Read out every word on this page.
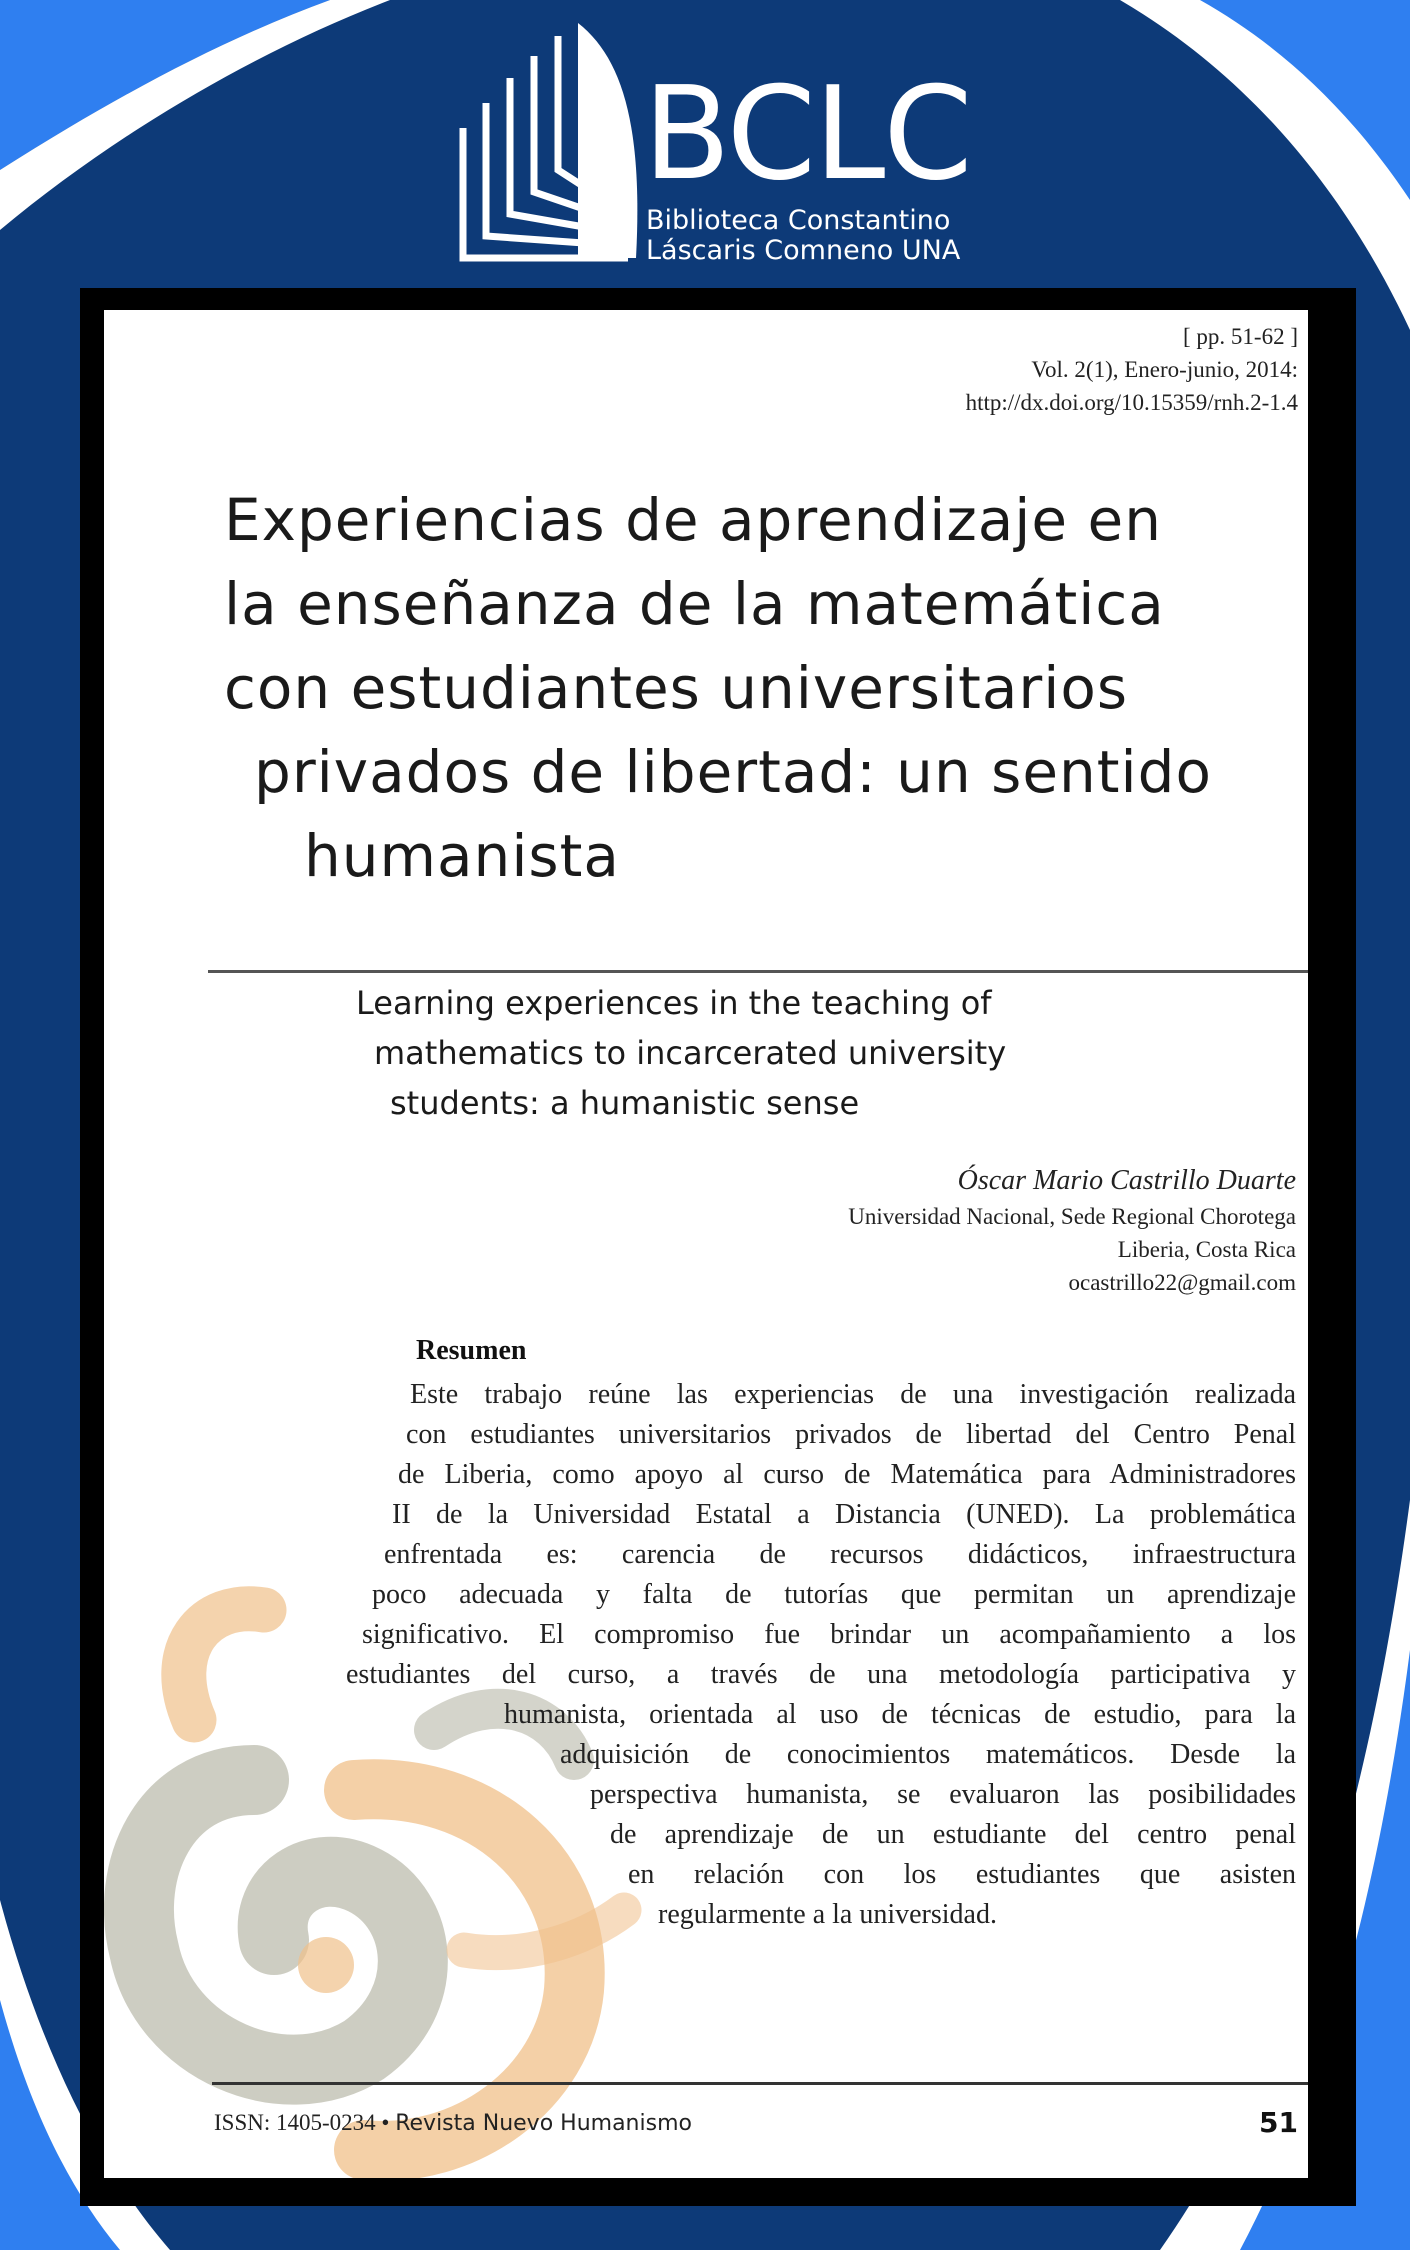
BCLC
Biblioteca Constantino
Láscaris Comneno UNA
[ pp. 51-62 ]
Vol. 2(1), Enero-junio, 2014:
http://dx.doi.org/10.15359/rnh.2-1.4
Experiencias de aprendizaje en
la enseñanza de la matemática
con estudiantes universitarios
privados de libertad: un sentido
humanista
Learning experiences in the teaching of
mathematics to incarcerated university
students: a humanistic sense
Óscar Mario Castrillo Duarte
Universidad Nacional, Sede Regional Chorotega
Liberia, Costa Rica
ocastrillo22@gmail.com
Resumen
Este trabajo reúne las experiencias de una investigación realizada
con estudiantes universitarios privados de libertad del Centro Penal
de Liberia, como apoyo al curso de Matemática para Administradores
II de la Universidad Estatal a Distancia (UNED). La problemática
enfrentada es: carencia de recursos didácticos, infraestructura
poco adecuada y falta de tutorías que permitan un aprendizaje
significativo. El compromiso fue brindar un acompañamiento a los
estudiantes del curso, a través de una metodología participativa y
humanista, orientada al uso de técnicas de estudio, para la
adquisición de conocimientos matemáticos. Desde la
perspectiva humanista, se evaluaron las posibilidades
de aprendizaje de un estudiante del centro penal
en relación con los estudiantes que asisten
regularmente a la universidad.
ISSN: 1405-0234 • Revista Nuevo Humanismo	51
